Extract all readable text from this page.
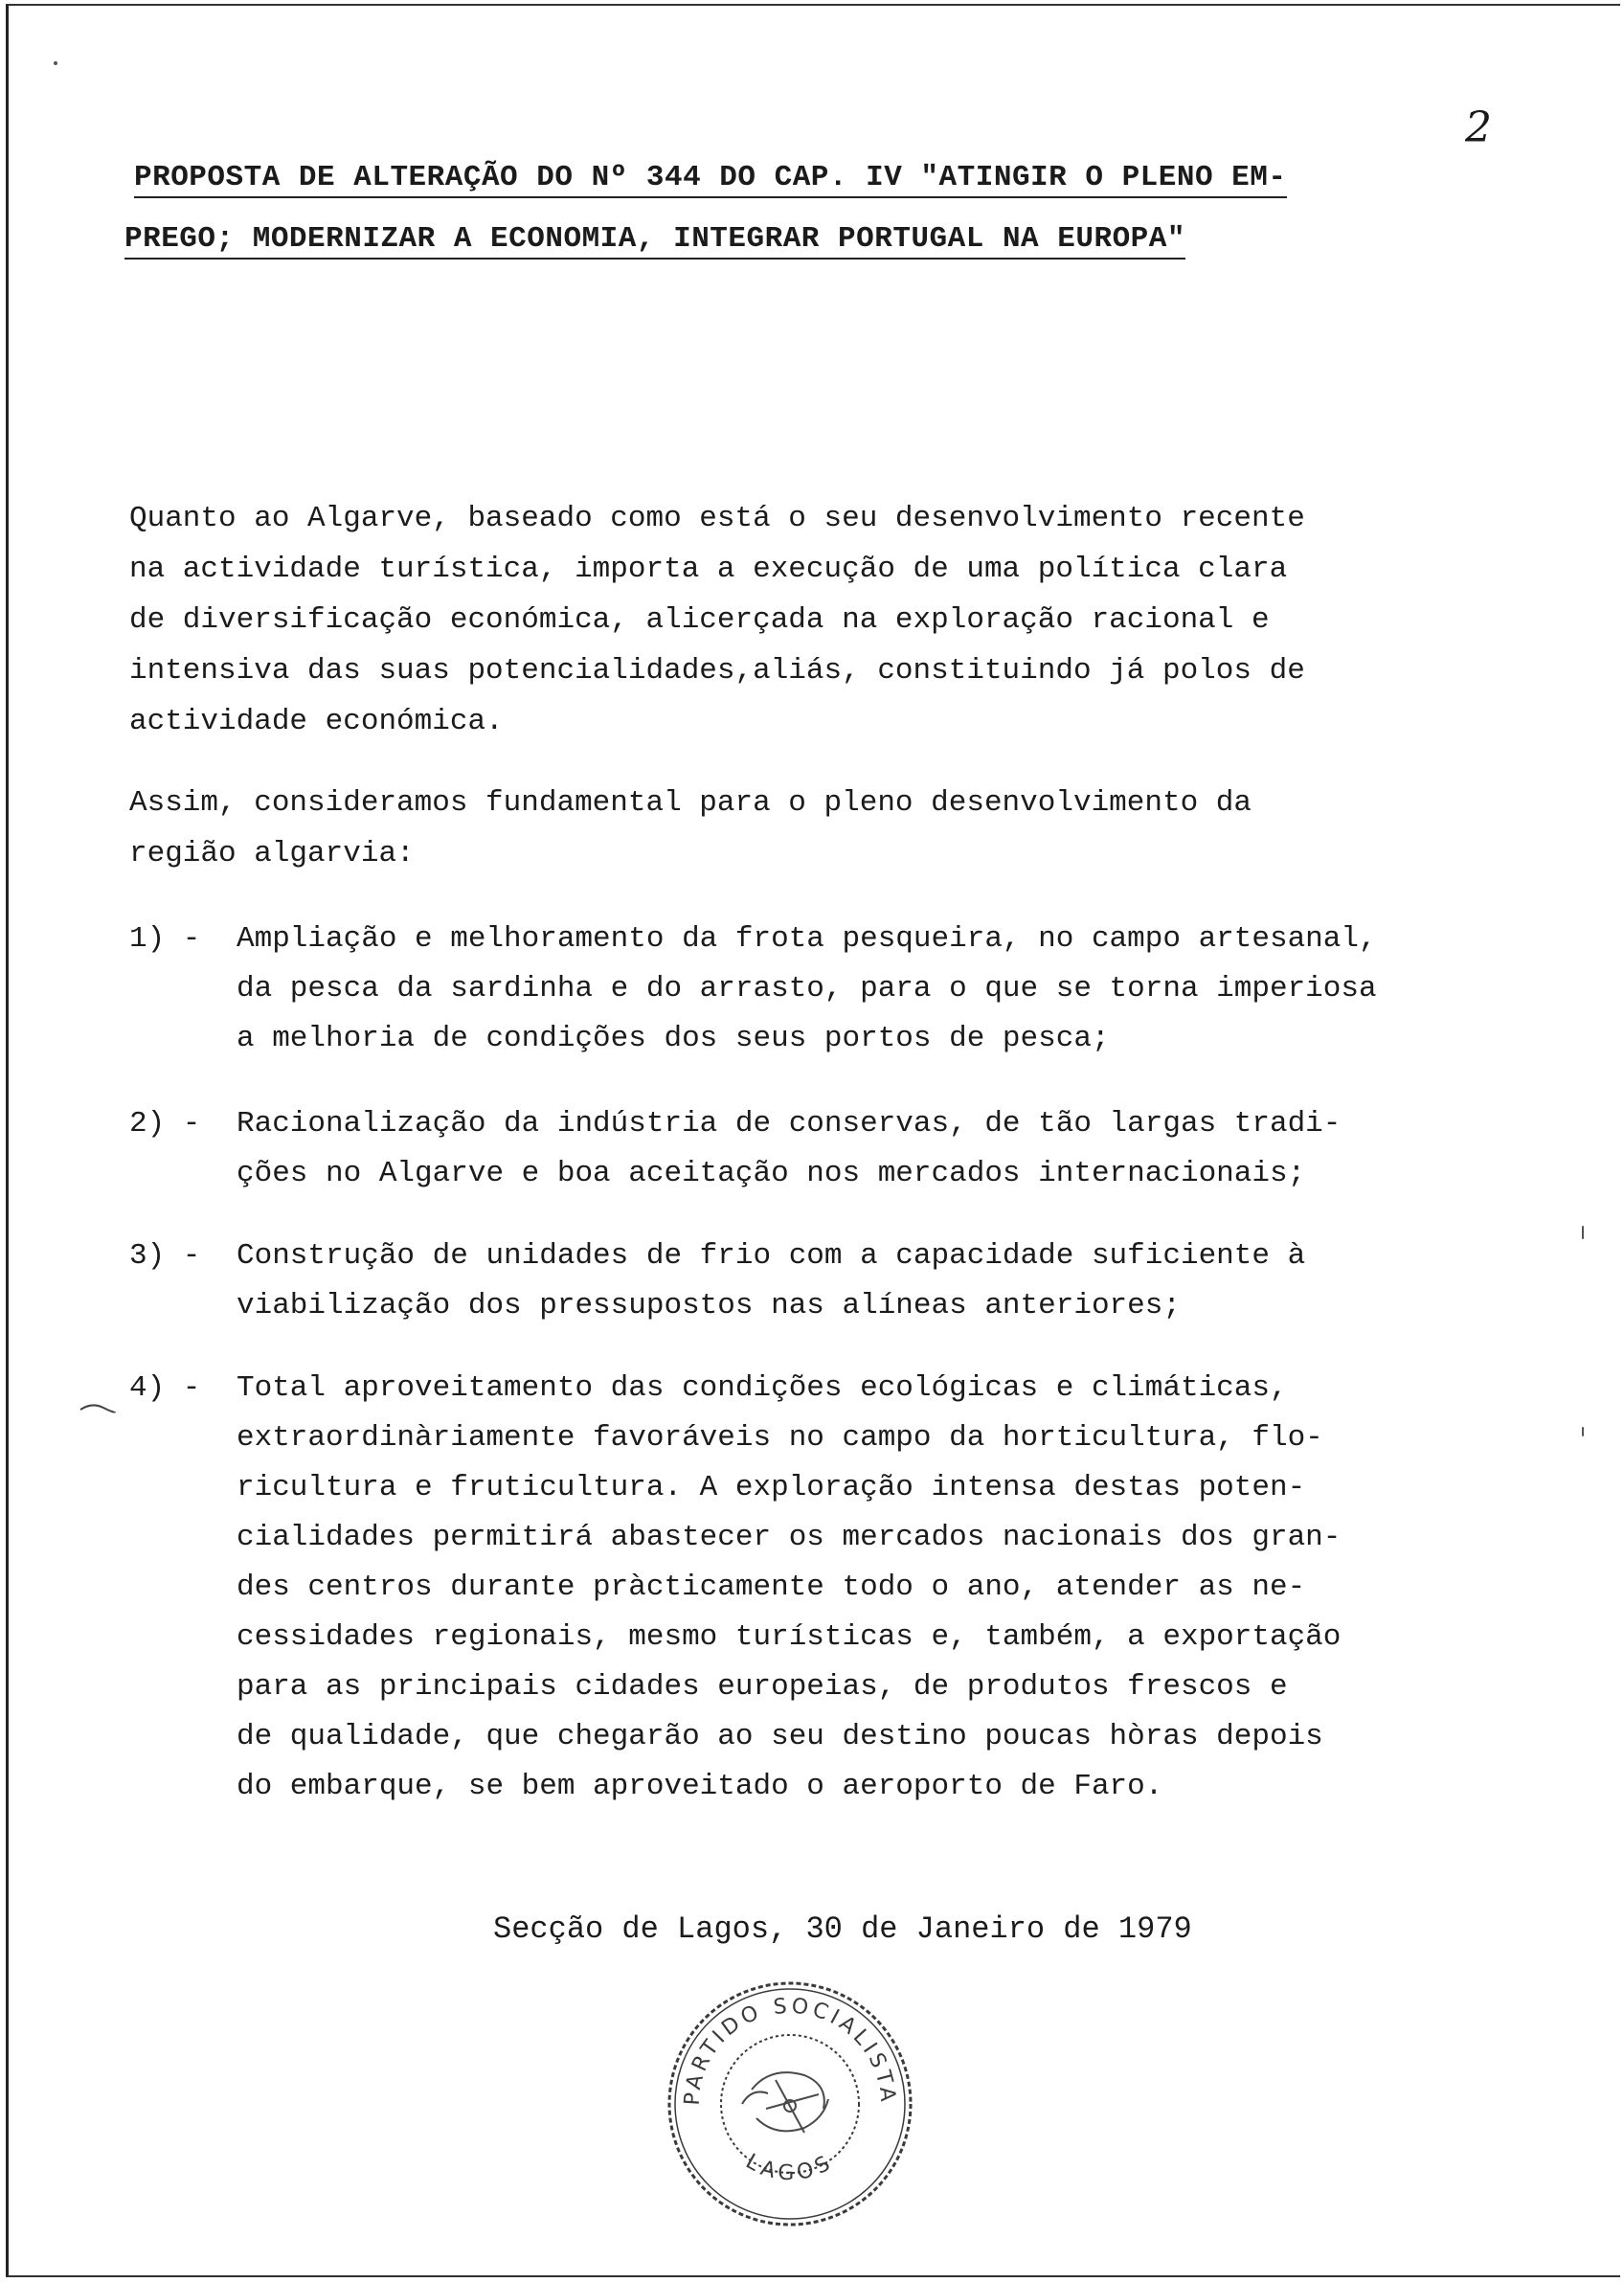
2
PROPOSTA DE ALTERAÇÃO DO Nº 344 DO CAP. IV "ATINGIR O PLENO EM-
PREGO; MODERNIZAR A ECONOMIA, INTEGRAR PORTUGAL NA EUROPA"
Quanto ao Algarve, baseado como está o seu desenvolvimento recente
na actividade turística, importa a execução de uma política clara
de diversificação económica, alicerçada na exploração racional e
intensiva das suas potencialidades,aliás, constituindo já polos de
actividade económica.
Assim, consideramos fundamental para o pleno desenvolvimento da
região algarvia:
1) - Ampliação e melhoramento da frota pesqueira, no campo artesanal,
da pesca da sardinha e do arrasto, para o que se torna imperiosa
a melhoria de condições dos seus portos de pesca;
2) - Racionalização da indústria de conservas, de tão largas tradi-
ções no Algarve e boa aceitação nos mercados internacionais;
3) - Construção de unidades de frio com a capacidade suficiente à
viabilização dos pressupostos nas alíneas anteriores;
4) - Total aproveitamento das condições ecológicas e climáticas,
extraordinàriamente favoráveis no campo da horticultura, flo-
ricultura e fruticultura. A exploração intensa destas poten-
cialidades permitirá abastecer os mercados nacionais dos gran-
des centros durante pràcticamente todo o ano, atender as ne-
cessidades regionais, mesmo turísticas e, também, a exportação
para as principais cidades europeias, de produtos frescos e
de qualidade, que chegarão ao seu destino poucas hòras depois
do embarque, se bem aproveitado o aeroporto de Faro.
Secção de Lagos, 30 de Janeiro de 1979
PARTIDO SOCIALISTA
LAGOS
